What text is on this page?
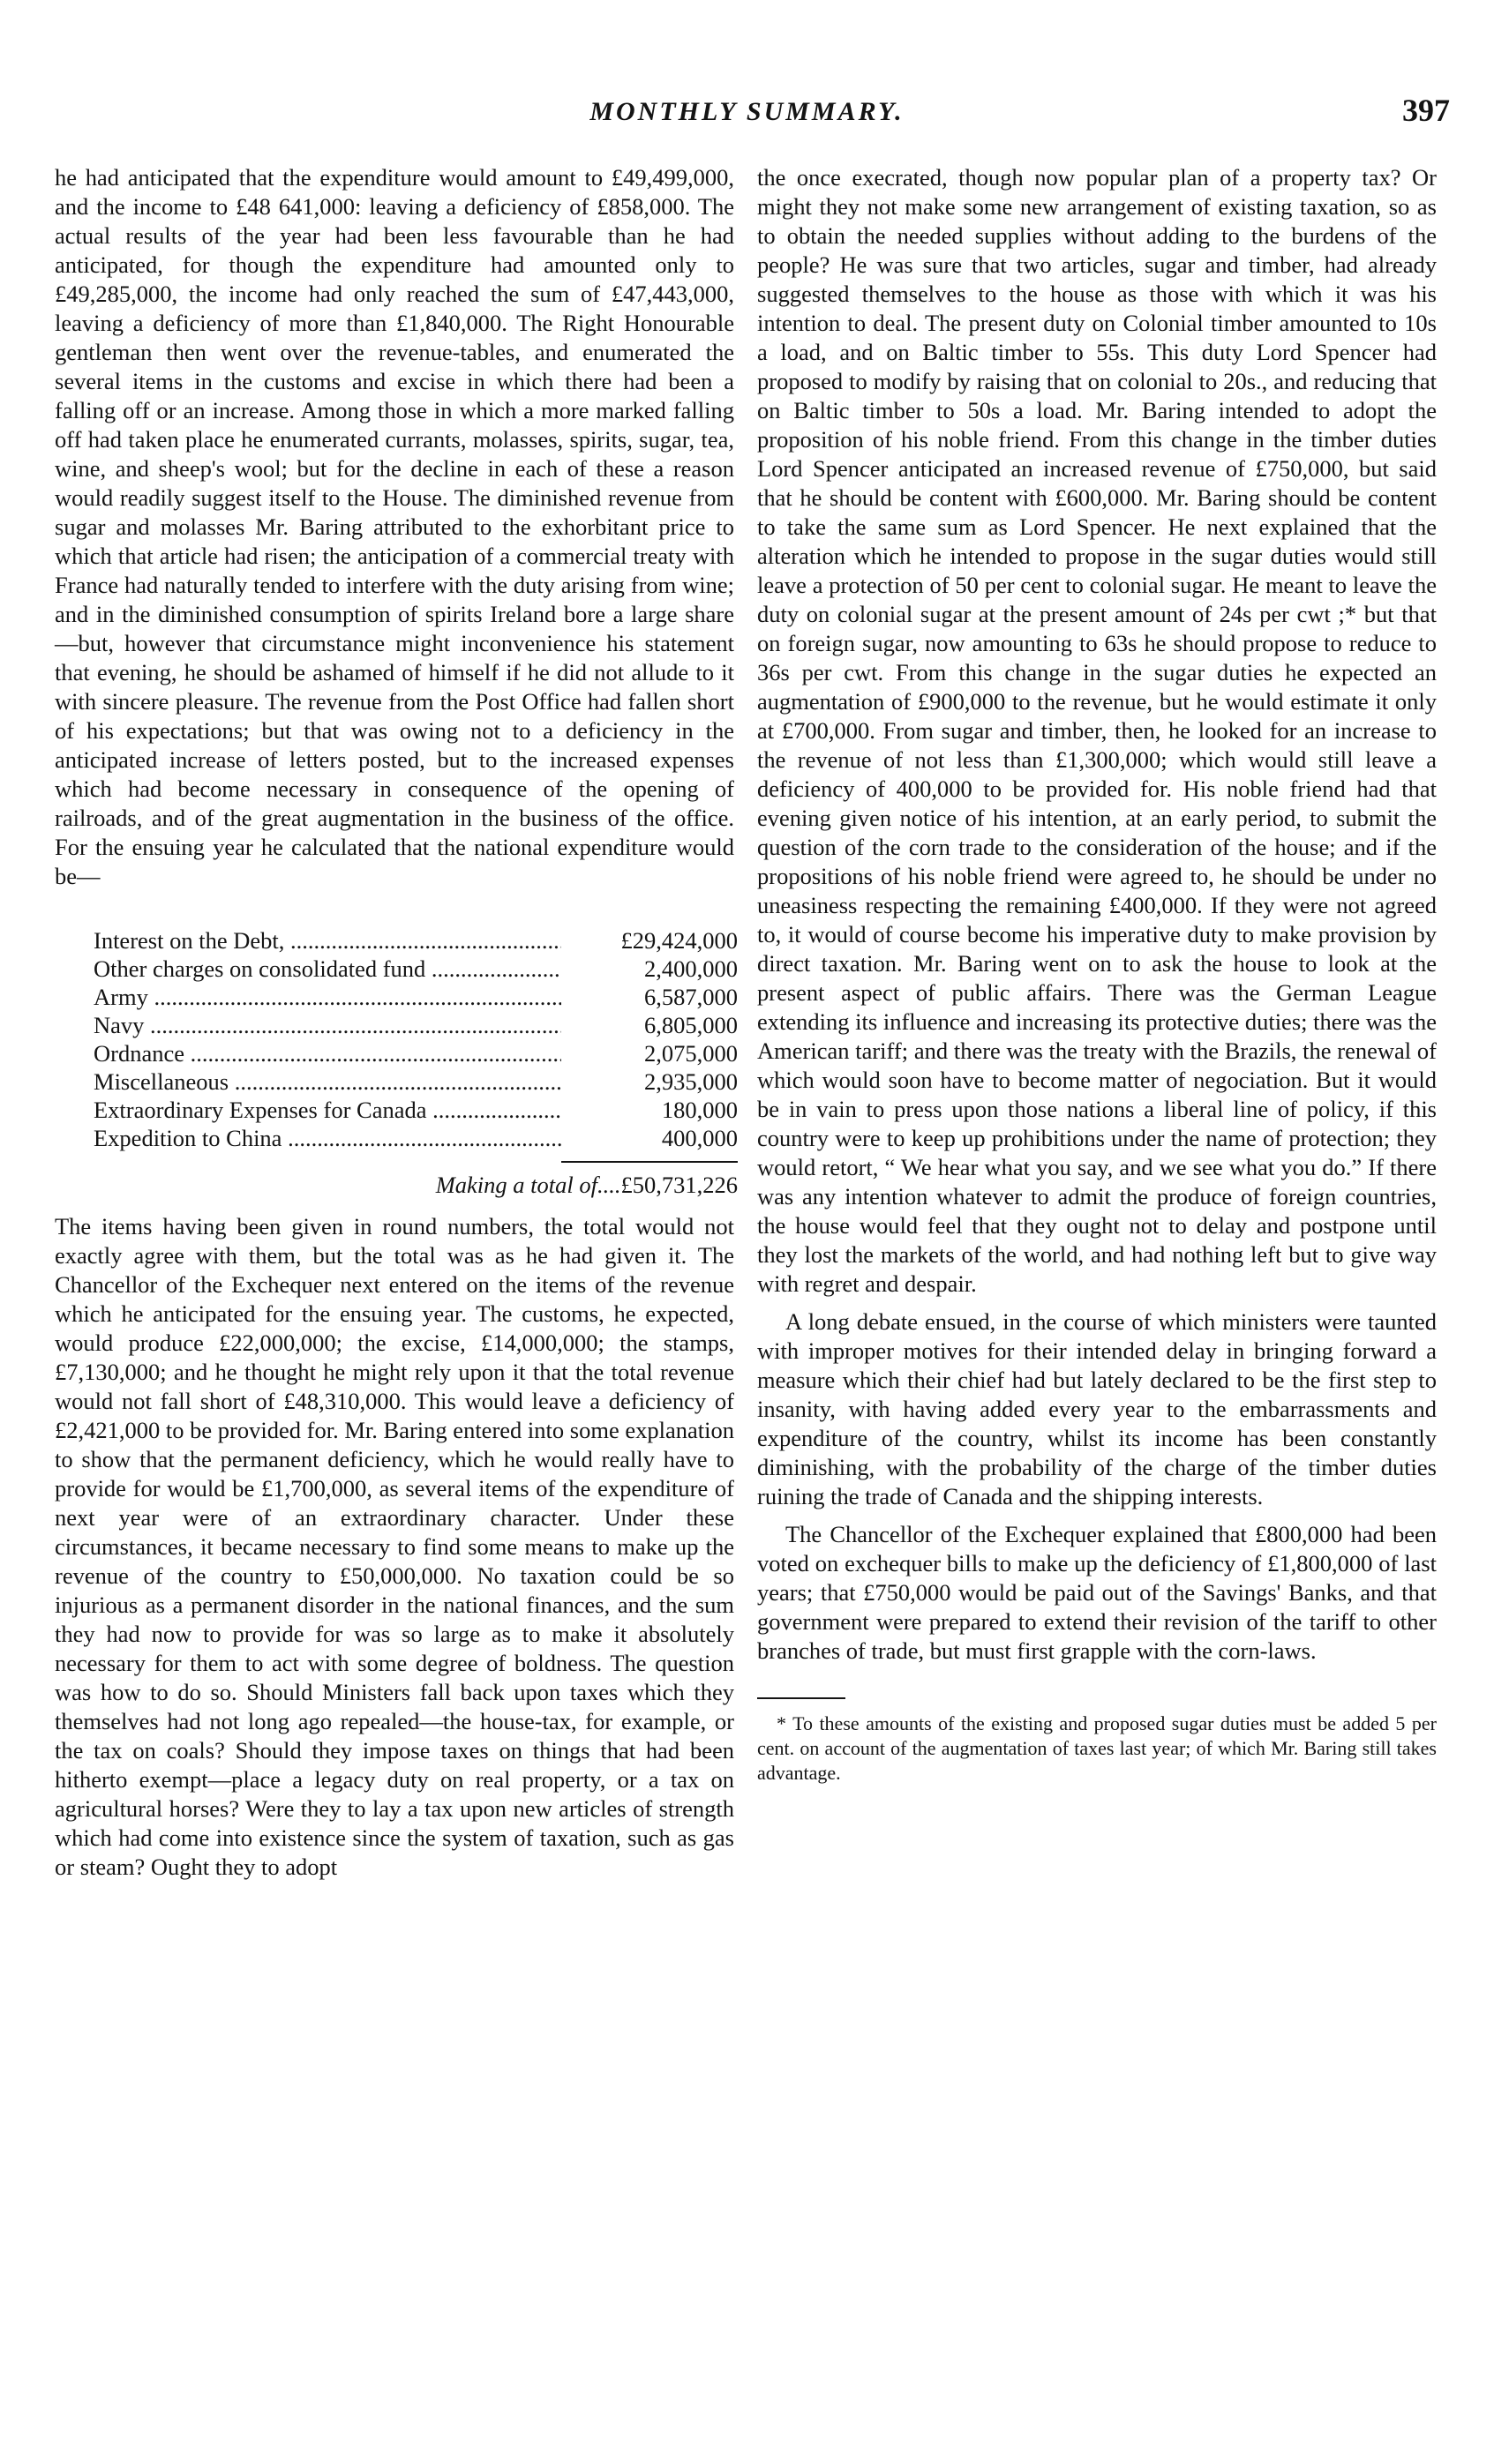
MONTHLY SUMMARY.	397

he had anticipated that the expenditure would amount to £49,499,000, and the income to £48 641,000: leaving a deficiency of £858,000. The actual results of the year had been less favourable than he had anticipated, for though the expenditure had amounted only to £49,285,000, the income had only reached the sum of £47,443,000, leaving a deficiency of more than £1,840,000. The Right Honourable gentleman then went over the revenue-tables, and enumerated the several items in the customs and excise in which there had been a falling off or an increase. Among those in which a more marked falling off had taken place he enumerated currants, molasses, spirits, sugar, tea, wine, and sheep's wool; but for the decline in each of these a reason would readily suggest itself to the House. The diminished revenue from sugar and molasses Mr. Baring attributed to the exhorbitant price to which that article had risen; the anticipation of a commercial treaty with France had naturally tended to interfere with the duty arising from wine; and in the diminished consumption of spirits Ireland bore a large share—but, however that circumstance might inconvenience his statement that evening, he should be ashamed of himself if he did not allude to it with sincere pleasure. The revenue from the Post Office had fallen short of his expectations; but that was owing not to a deficiency in the anticipated increase of letters posted, but to the increased expenses which had become necessary in consequence of the opening of railroads, and of the great augmentation in the business of the office. For the ensuing year he calculated that the national expenditure would be—

Interest on the Debt, .....	£29,424,000
Other charges on consolidated fund .....	2,400,000
Army .....	6,587,000
Navy .....	6,805,000
Ordnance .....	2,075,000
Miscellaneous .....	2,935,000
Extraordinary Expenses for Canada .....	180,000
Expedition to China .....	400,000
Making a total of....£50,731,226

The items having been given in round numbers, the total would not exactly agree with them, but the total was as he had given it. The Chancellor of the Exchequer next entered on the items of the revenue which he anticipated for the ensuing year. The customs, he expected, would produce £22,000,000; the excise, £14,000,000; the stamps, £7,130,000; and he thought he might rely upon it that the total revenue would not fall short of £48,310,000. This would leave a deficiency of £2,421,000 to be provided for. Mr. Baring entered into some explanation to show that the permanent deficiency, which he would really have to provide for would be £1,700,000, as several items of the expenditure of next year were of an extraordinary character. Under these circumstances, it became necessary to find some means to make up the revenue of the country to £50,000,000. No taxation could be so injurious as a permanent disorder in the national finances, and the sum they had now to provide for was so large as to make it absolutely necessary for them to act with some degree of boldness. The question was how to do so. Should Ministers fall back upon taxes which they themselves had not long ago repealed—the house-tax, for example, or the tax on coals? Should they impose taxes on things that had been hitherto exempt—place a legacy duty on real property, or a tax on agricultural horses? Were they to lay a tax upon new articles of strength which had come into existence since the system of taxation, such as gas or steam? Ought they to adopt

the once execrated, though now popular plan of a property tax? Or might they not make some new arrangement of existing taxation, so as to obtain the needed supplies without adding to the burdens of the people? He was sure that two articles, sugar and timber, had already suggested themselves to the house as those with which it was his intention to deal. The present duty on Colonial timber amounted to 10s a load, and on Baltic timber to 55s. This duty Lord Spencer had proposed to modify by raising that on colonial to 20s., and reducing that on Baltic timber to 50s a load. Mr. Baring intended to adopt the proposition of his noble friend. From this change in the timber duties Lord Spencer anticipated an increased revenue of £750,000, but said that he should be content with £600,000. Mr. Baring should be content to take the same sum as Lord Spencer. He next explained that the alteration which he intended to propose in the sugar duties would still leave a protection of 50 per cent to colonial sugar. He meant to leave the duty on colonial sugar at the present amount of 24s per cwt ;* but that on foreign sugar, now amounting to 63s he should propose to reduce to 36s per cwt. From this change in the sugar duties he expected an augmentation of £900,000 to the revenue, but he would estimate it only at £700,000. From sugar and timber, then, he looked for an increase to the revenue of not less than £1,300,000; which would still leave a deficiency of 400,000 to be provided for. His noble friend had that evening given notice of his intention, at an early period, to submit the question of the corn trade to the consideration of the house; and if the propositions of his noble friend were agreed to, he should be under no uneasiness respecting the remaining £400,000. If they were not agreed to, it would of course become his imperative duty to make provision by direct taxation. Mr. Baring went on to ask the house to look at the present aspect of public affairs. There was the German League extending its influence and increasing its protective duties; there was the American tariff; and there was the treaty with the Brazils, the renewal of which would soon have to become matter of negociation. But it would be in vain to press upon those nations a liberal line of policy, if this country were to keep up prohibitions under the name of protection; they would retort, “ We hear what you say, and we see what you do.” If there was any intention whatever to admit the produce of foreign countries, the house would feel that they ought not to delay and postpone until they lost the markets of the world, and had nothing left but to give way with regret and despair.

A long debate ensued, in the course of which ministers were taunted with improper motives for their intended delay in bringing forward a measure which their chief had but lately declared to be the first step to insanity, with having added every year to the embarrassments and expenditure of the country, whilst its income has been constantly diminishing, with the probability of the charge of the timber duties ruining the trade of Canada and the shipping interests.

The Chancellor of the Exchequer explained that £800,000 had been voted on exchequer bills to make up the deficiency of £1,800,000 of last years; that £750,000 would be paid out of the Savings' Banks, and that government were prepared to extend their revision of the tariff to other branches of trade, but must first grapple with the corn-laws.

* To these amounts of the existing and proposed sugar duties must be added 5 per cent. on account of the augmentation of taxes last year; of which Mr. Baring still takes advantage.
